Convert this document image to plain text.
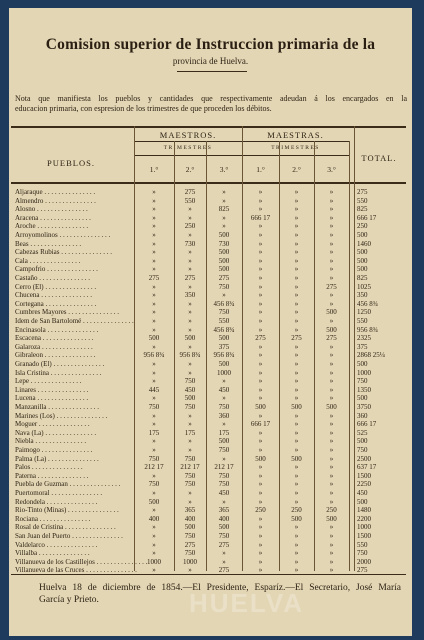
Comision superior de Instruccion primaria de la
provincia de Huelva.
Nota que manifiesta los pueblos y cantidades que respectivamente adeudan á los encargados en la
educacion primaria, con espresion de los trimestres de que proceden los débitos.
PUEBLOS.
MAESTROS.	MAESTRAS.
TRIMESTRES	TRIMESTRES
TOTAL.
1.°	2.°	3.°	1.°	2.°	3.°
Aljaraque . . . . . . . . . . . . . . .	»	275	»	»	»	»	275
Almendro . . . . . . . . . . . . . . .	»	550	»	»	»	»	550
Alosno . . . . . . . . . . . . . . .	»	»	825	»	»	»	825
Aracena . . . . . . . . . . . . . . .	»	»	»	666 17	»	»	666 17
Aroche . . . . . . . . . . . . . . .	»	250	»	»	»	»	250
Arroyomolinos . . . . . . . . . . . . . . .	»	»	500	»	»	»	500
Beas . . . . . . . . . . . . . . .	»	730	730	»	»	»	1460
Cabezas Rubias . . . . . . . . . . . . . . .	»	»	500	»	»	»	500
Cala . . . . . . . . . . . . . . .	»	»	500	»	»	»	500
Campofrio . . . . . . . . . . . . . . .	»	»	500	»	»	»	500
Castaño . . . . . . . . . . . . . . .	275	275	275	»	»	»	825
Cerro (El) . . . . . . . . . . . . . . .	»	»	750	»	»	275	1025
Chucena . . . . . . . . . . . . . . .	»	350	»	»	»	»	350
Cortegana . . . . . . . . . . . . . . .	»	»	456 8¾	»	»	»	456 8¾
Cumbres Mayores . . . . . . . . . . . . . . .	»	»	750	»	»	500	1250
Idem de San Bartolomé . . . . . . . . . . . . . . .	»	»	550	»	»	»	550
Encinasola . . . . . . . . . . . . . . .	»	»	456 8¾	»	»	500	956 8¾
Escacena . . . . . . . . . . . . . . .	500	500	500	275	275	275	2325
Galaroza . . . . . . . . . . . . . . .	»	»	375	»	»	»	375
Gibraleon . . . . . . . . . . . . . . .	956 8¾	956 8¾	956 8¾	»	»	»	2868 25¼
Granado (El) . . . . . . . . . . . . . . .	»	»	500	»	»	»	500
Isla Cristina . . . . . . . . . . . . . . .	»	»	1000	»	»	»	1000
Lepe . . . . . . . . . . . . . . .	»	750	»	»	»	»	750
Linares . . . . . . . . . . . . . . .	445	450	450	»	»	»	1350
Lucena . . . . . . . . . . . . . . .	»	500	»	»	»	»	500
Manzanilla . . . . . . . . . . . . . . .	750	750	750	500	500	500	3750
Marines (Los) . . . . . . . . . . . . . . .	»	»	360	»	»	»	360
Moguer . . . . . . . . . . . . . . .	»	»	»	666 17	»	»	666 17
Nava (La) . . . . . . . . . . . . . . .	175	175	175	»	»	»	525
Niebla . . . . . . . . . . . . . . .	»	»	500	»	»	»	500
Paimogo . . . . . . . . . . . . . . .	»	»	750	»	»	»	750
Palma (La) . . . . . . . . . . . . . . .	750	750	»	500	500	»	2500
Palos . . . . . . . . . . . . . . .	212 17	212 17	212 17	»	»	»	637 17
Paterna . . . . . . . . . . . . . . .	»	750	750	»	»	»	1500
Puebla de Guzman . . . . . . . . . . . . . . .	750	750	750	»	»	»	2250
Puertomoral . . . . . . . . . . . . . . .	»	»	450	»	»	»	450
Redondela . . . . . . . . . . . . . . .	500	»	»	»	»	»	500
Rio-Tinto (Minas) . . . . . . . . . . . . . . .	»	365	365	250	250	250	1480
Rociana . . . . . . . . . . . . . . .	400	400	400	»	500	500	2200
Rosal de Cristina . . . . . . . . . . . . . . .	»	500	500	»	»	»	1000
San Juan del Puerto . . . . . . . . . . . . . . .	»	750	750	»	»	»	1500
Valdelarco . . . . . . . . . . . . . . .	»	275	275	»	»	»	550
Villalba . . . . . . . . . . . . . . .	»	750	»	»	»	»	750
Villanueva de los Castillejos . . . . . . . . . . . . . . . 1000	1000	»	»	»	»	2000
Villanueva de las Cruces . . . . . . . . . . . . . . .	»	»	275	»	»	»	275
Huelva 18 de diciembre de 1854.—El Presidente, Esparíz.—El Secretario, José María
García y Prieto.	HUELVA
